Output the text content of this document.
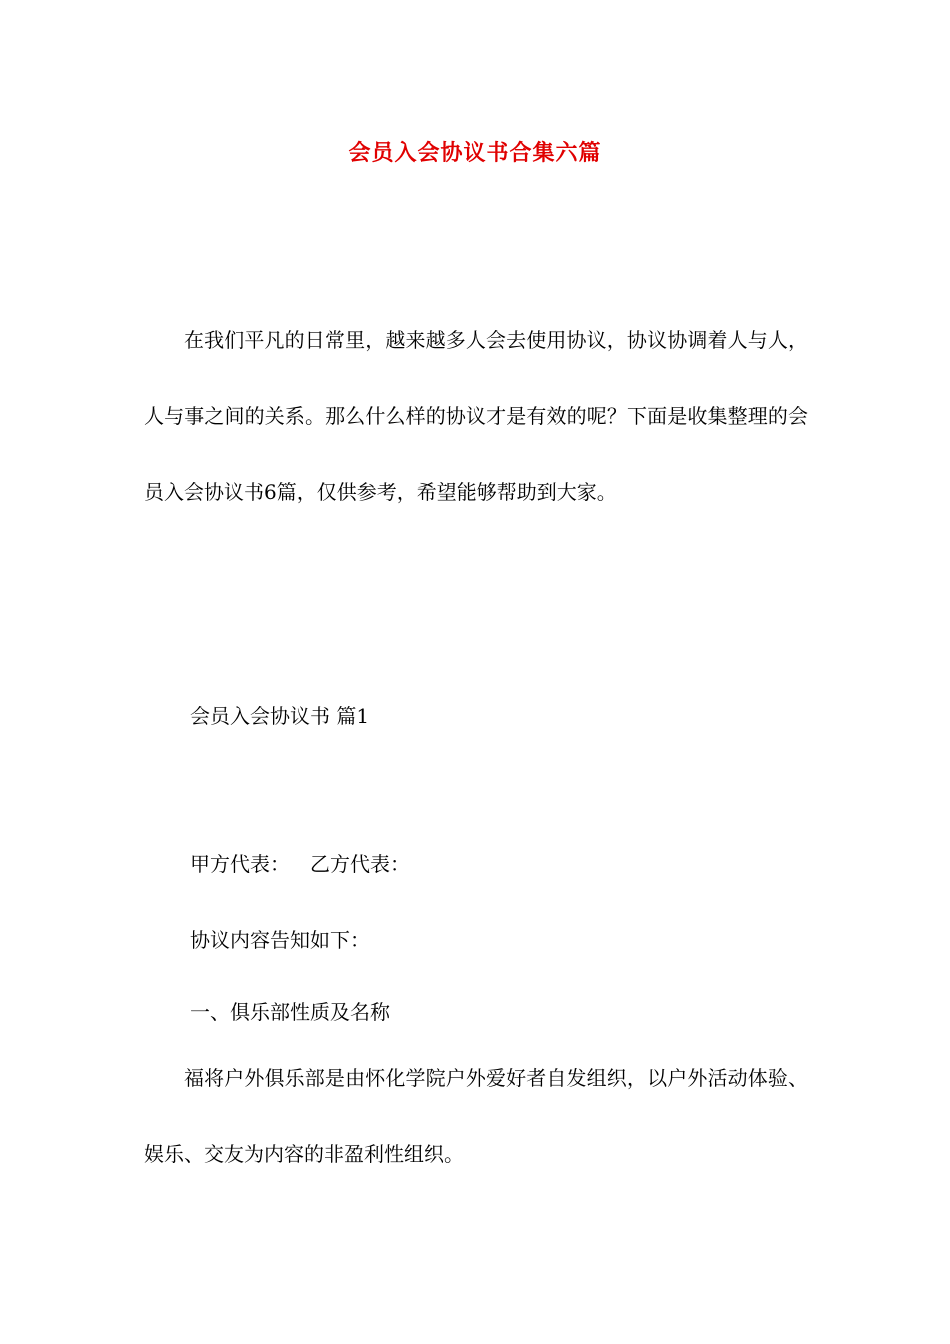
会员入会协议书合集六篇

在我们平凡的日常里，越来越多人会去使用协议，协议协调着人与人，人与事之间的关系。那么什么样的协议才是有效的呢？下面是收集整理的会员入会协议书6篇，仅供参考，希望能够帮助到大家。

会员入会协议书 篇1

甲方代表： 乙方代表：

协议内容告知如下：

一、俱乐部性质及名称

福将户外俱乐部是由怀化学院户外爱好者自发组织，以户外活动体验、娱乐、交友为内容的非盈利性组织。
